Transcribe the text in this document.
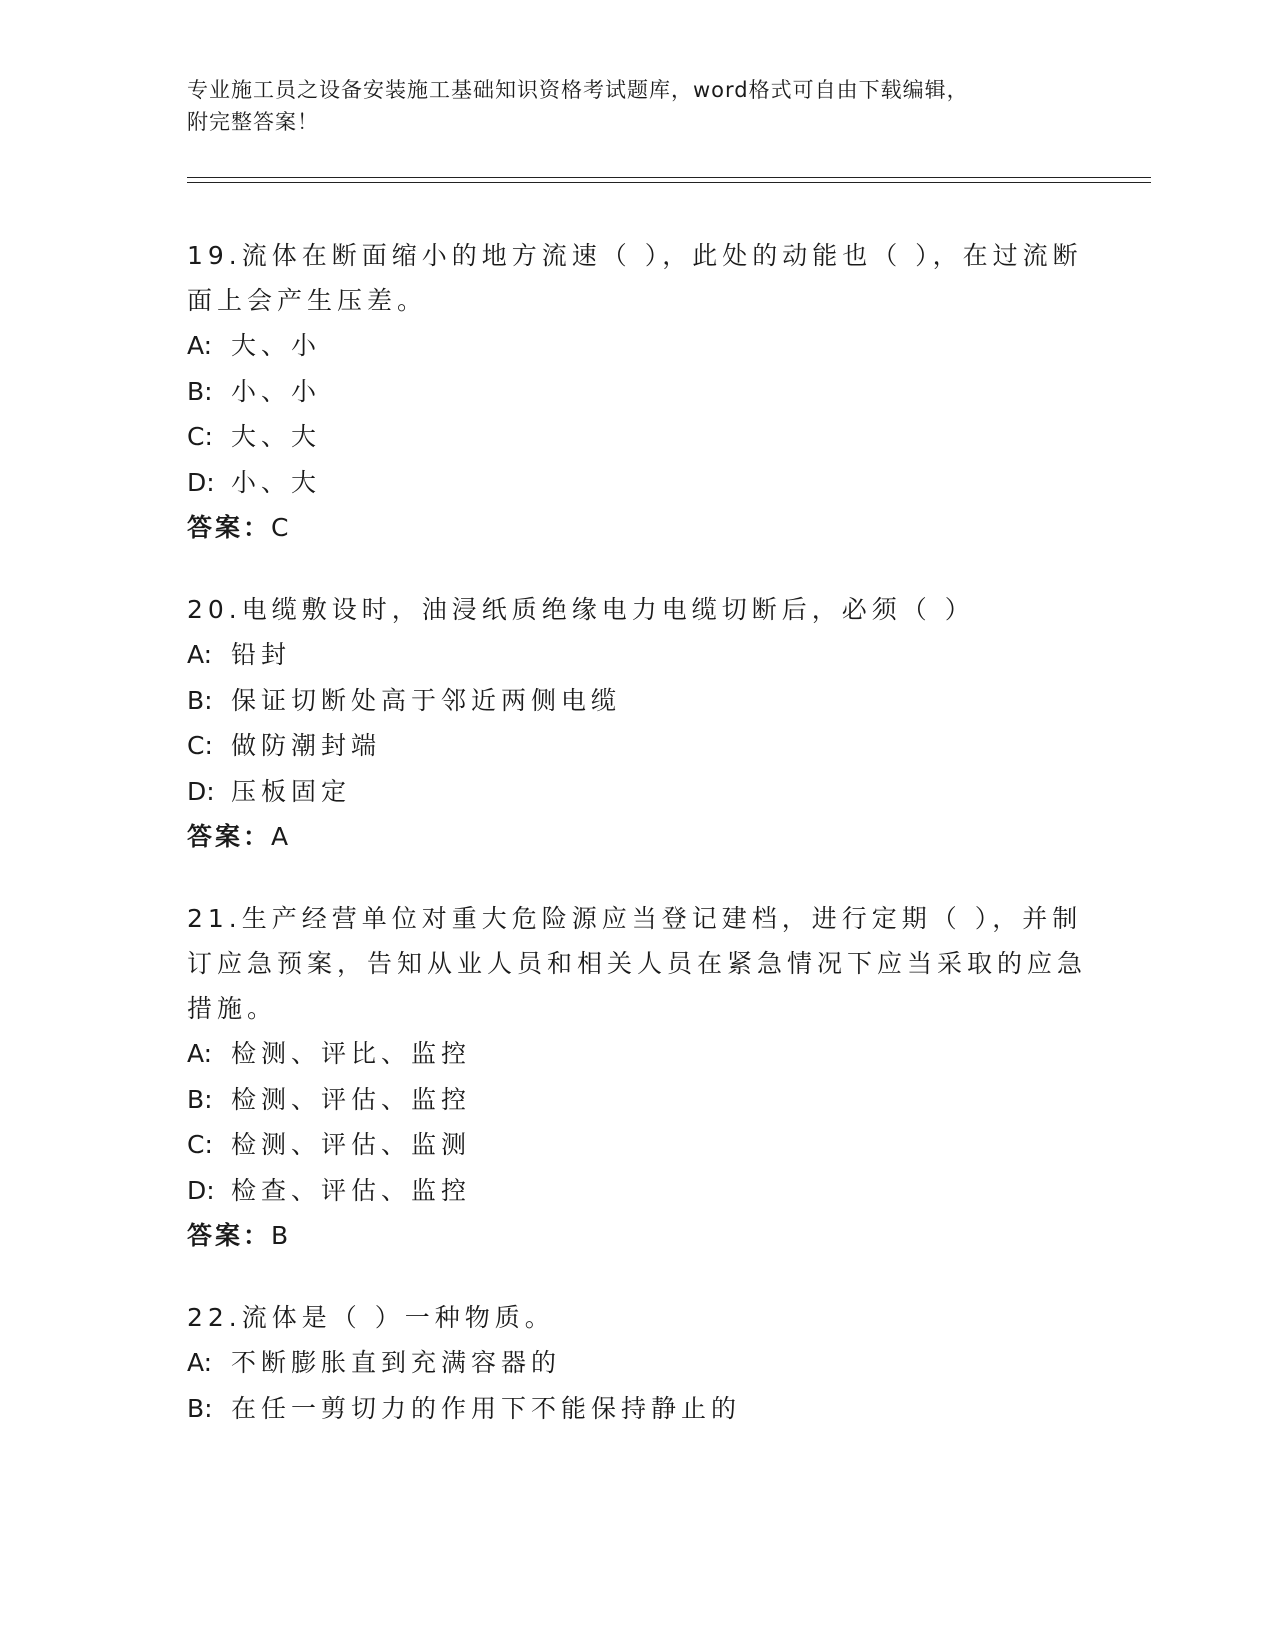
专业施工员之设备安装施工基础知识资格考试题库，word格式可自由下载编辑，
附完整答案！
19.流体在断面缩小的地方流速（ ），此处的动能也（ ），在过流断面上会产生压差。
A: 大、小
B: 小、小
C: 大、大
D: 小、大
答案：C
20.电缆敷设时，油浸纸质绝缘电力电缆切断后，必须（ ）
A: 铅封
B: 保证切断处高于邻近两侧电缆
C: 做防潮封端
D: 压板固定
答案：A
21.生产经营单位对重大危险源应当登记建档，进行定期（ ），并制订应急预案，告知从业人员和相关人员在紧急情况下应当采取的应急措施。
A: 检测、评比、监控
B: 检测、评估、监控
C: 检测、评估、监测
D: 检查、评估、监控
答案：B
22.流体是（ ）一种物质。
A: 不断膨胀直到充满容器的
B: 在任一剪切力的作用下不能保持静止的
